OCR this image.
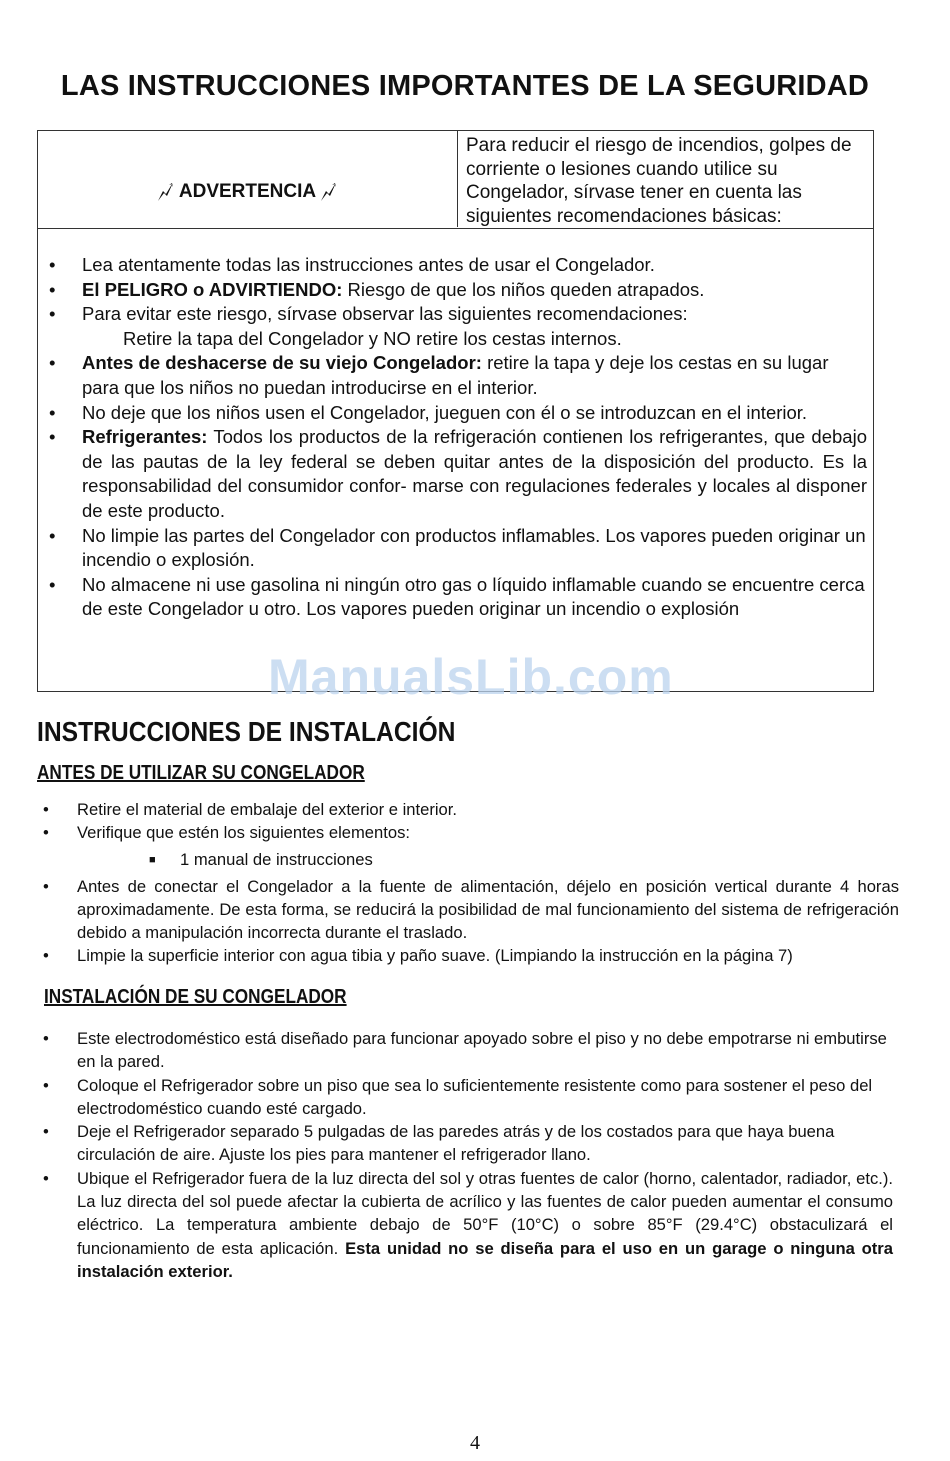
LAS INSTRUCCIONES IMPORTANTES DE LA SEGURIDAD
ADVERTENCIA
Para reducir el riesgo de incendios, golpes de corriente o lesiones cuando utilice su Congelador, sírvase tener en cuenta las siguientes recomendaciones básicas:
• Lea atentamente todas las instrucciones antes de usar el Congelador.
• El PELIGRO o ADVIRTIENDO: Riesgo de que los niños queden atrapados.
• Para evitar este riesgo, sírvase observar las siguientes recomendaciones:
Retire la tapa del Congelador y NO retire los cestas internos.
• Antes de deshacerse de su viejo Congelador: retire la tapa y deje los cestas en su lugar para que los niños no puedan introducirse en el interior.
• No deje que los niños usen el Congelador, jueguen con él o se introduzcan en el interior.
• Refrigerantes: Todos los productos de la refrigeración contienen los refrigerantes, que debajo de las pautas de la ley federal se deben quitar antes de la disposición del producto. Es la responsabilidad del consumidor confor- marse con regulaciones federales y locales al disponer de este producto.
• No limpie las partes del Congelador con productos inflamables. Los vapores pueden originar un incendio o explosión.
• No almacene ni use gasolina ni ningún otro gas o líquido inflamable cuando se encuentre cerca de este Congelador u otro. Los vapores pueden originar un incendio o explosión
ManualsLib.com
INSTRUCCIONES DE INSTALACIÓN
ANTES DE UTILIZAR SU CONGELADOR
• Retire el material de embalaje del exterior e interior.
• Verifique que estén los siguientes elementos:
■ 1 manual de instrucciones
• Antes de conectar el Congelador a la fuente de alimentación, déjelo en posición vertical durante 4 horas aproximadamente. De esta forma, se reducirá la posibilidad de mal funcionamiento del sistema de refrigeración debido a manipulación incorrecta durante el traslado.
• Limpie la superficie interior con agua tibia y paño suave. (Limpiando la instrucción en la página 7)
INSTALACIÓN DE SU CONGELADOR
• Este electrodoméstico está diseñado para funcionar apoyado sobre el piso y no debe empotrarse ni embutirse en la pared.
• Coloque el Refrigerador sobre un piso que sea lo suficientemente resistente como para sostener el peso del electrodoméstico cuando esté cargado.
• Deje el Refrigerador separado 5 pulgadas de las paredes atrás y de los costados para que haya buena circulación de aire. Ajuste los pies para mantener el refrigerador llano.
• Ubique el Refrigerador fuera de la luz directa del sol y otras fuentes de calor (horno, calentador, radiador, etc.). La luz directa del sol puede afectar la cubierta de acrílico y las fuentes de calor pueden aumentar el consumo eléctrico. La temperatura ambiente debajo de 50°F (10°C) o sobre 85°F (29.4°C) obstaculizará el funcionamiento de esta aplicación. Esta unidad no se diseña para el uso en un garage o ninguna otra instalación exterior.
4
